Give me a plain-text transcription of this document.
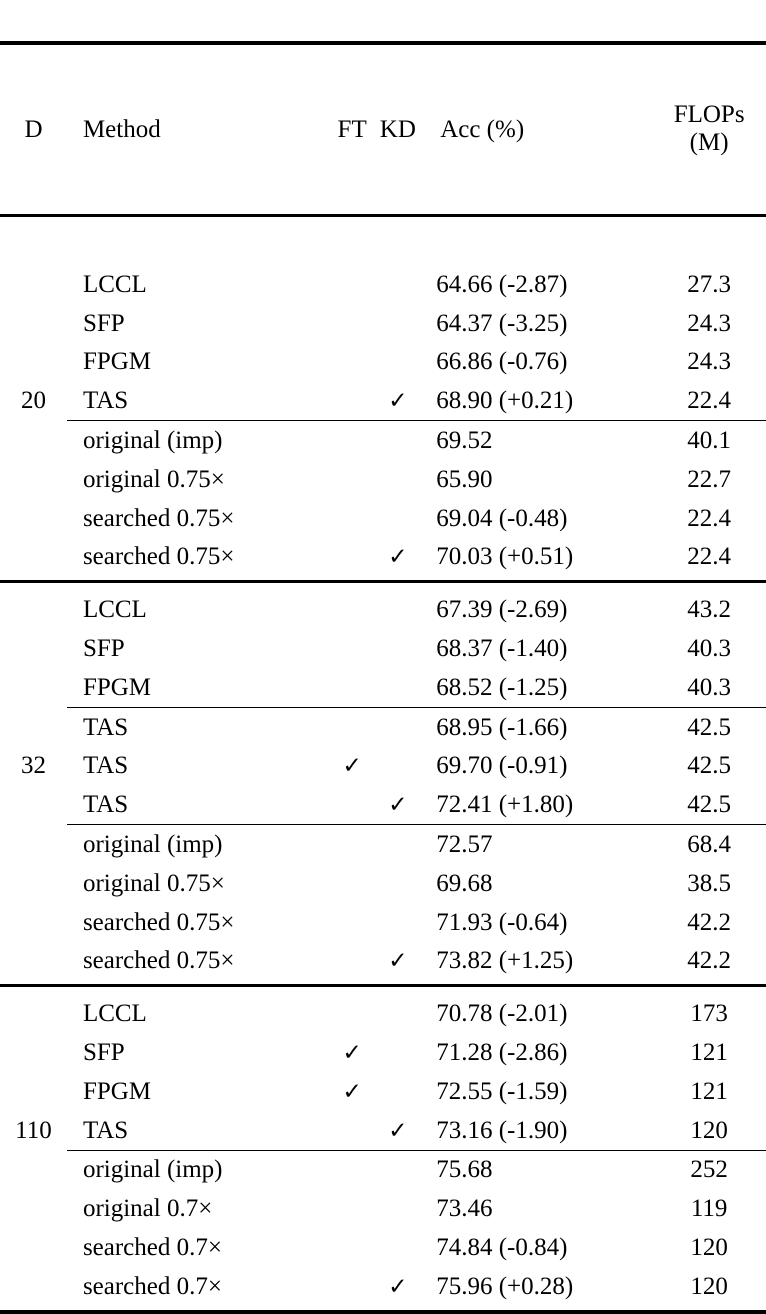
D	Method	FT	KD	Acc (%)	FLOPs
(M)

	LCCL			64.66 (-2.87)	27.3
	SFP			64.37 (-3.25)	24.3
	FPGM			66.86 (-0.76)	24.3
20	TAS		✓	68.90 (+0.21)	22.4

	original (imp)			69.52	40.1
	original 0.75×			65.90	22.7
	searched 0.75×			69.04 (-0.48)	22.4
	searched 0.75×		✓	70.03 (+0.51)	22.4

	LCCL			67.39 (-2.69)	43.2
	SFP			68.37 (-1.40)	40.3
	FPGM			68.52 (-1.25)	40.3

	TAS			68.95 (-1.66)	42.5
32	TAS	✓		69.70 (-0.91)	42.5
	TAS		✓	72.41 (+1.80)	42.5

	original (imp)			72.57	68.4
	original 0.75×			69.68	38.5
	searched 0.75×			71.93 (-0.64)	42.2
	searched 0.75×		✓	73.82 (+1.25)	42.2

	LCCL			70.78 (-2.01)	173
	SFP	✓		71.28 (-2.86)	121
	FPGM	✓		72.55 (-1.59)	121
110	TAS		✓	73.16 (-1.90)	120

	original (imp)			75.68	252
	original 0.7×			73.46	119
	searched 0.7×			74.84 (-0.84)	120
	searched 0.7×		✓	75.96 (+0.28)	120
